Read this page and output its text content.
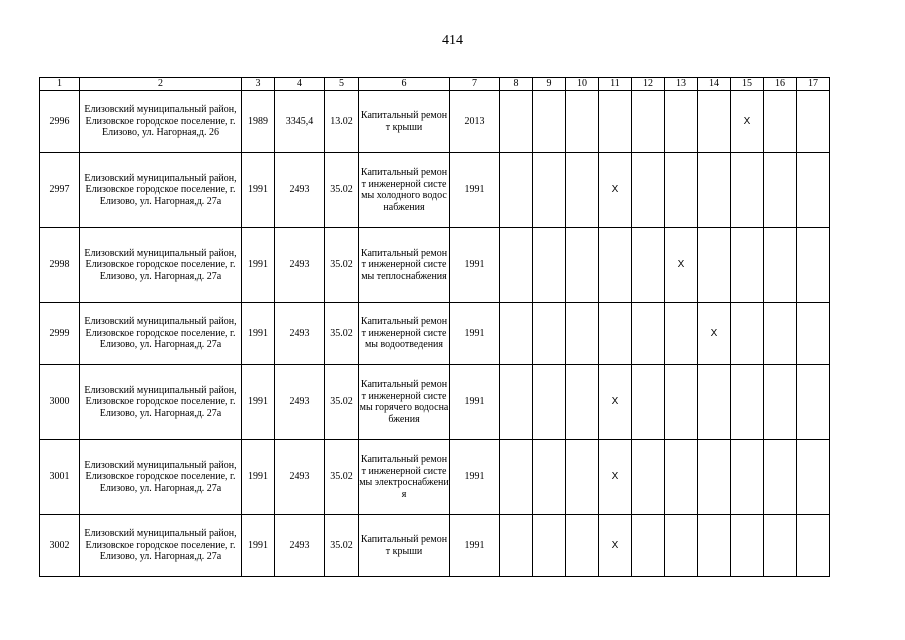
414
1	2	3	4	5	6	7	8	9	10	11	12	13	14	15	16	17
2996	Елизовский муниципальный район, Елизовское городское поселение, г. Елизово, ул. Нагорная,д. 26	1989	3345,4	13.02	Капитальный ремонт крыши	2013								Х		
2997	Елизовский муниципальный район, Елизовское городское поселение, г. Елизово, ул. Нагорная,д. 27а	1991	2493	35.02	Капитальный ремонт инженерной системы холодного водоснабжения	1991				Х						
2998	Елизовский муниципальный район, Елизовское городское поселение, г. Елизово, ул. Нагорная,д. 27а	1991	2493	35.02	Капитальный ремонт инженерной системы теплоснабжения	1991						Х				
2999	Елизовский муниципальный район, Елизовское городское поселение, г. Елизово, ул. Нагорная,д. 27а	1991	2493	35.02	Капитальный ремонт инженерной системы водоотведения	1991							Х			
3000	Елизовский муниципальный район, Елизовское городское поселение, г. Елизово, ул. Нагорная,д. 27а	1991	2493	35.02	Капитальный ремонт инженерной системы горячего водоснабжения	1991				Х						
3001	Елизовский муниципальный район, Елизовское городское поселение, г. Елизово, ул. Нагорная,д. 27а	1991	2493	35.02	Капитальный ремонт инженерной системы электроснабжения	1991				Х						
3002	Елизовский муниципальный район, Елизовское городское поселение, г. Елизово, ул. Нагорная,д. 27а	1991	2493	35.02	Капитальный ремонт крыши	1991				Х						
